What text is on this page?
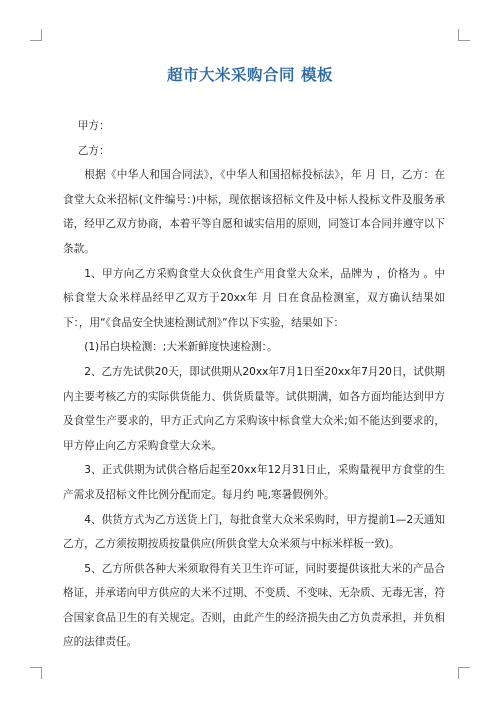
超市大米采购合同 模板

甲方：

乙方：

根据《中华人和国合同法》，《中华人和国招标投标法》，年 月 日，乙方：在食堂大众米招标(文件编号：)中标，现依据该招标文件及中标人投标文件及服务承诺，经甲乙双方协商，本着平等自愿和诚实信用的原则，同签订本合同并遵守以下条款。

1、甲方向乙方采购食堂大众伙食生产用食堂大众米，品牌为 ，价格为 。中标食堂大众米样品经甲乙双方于20xx年 月 日在食品检测室，双方确认结果如下：，用“《食品安全快速检测试剂》”作以下实验，结果如下：

(1)吊白块检测：;大米新鲜度快速检测：。

2、乙方先试供20天，即试供期从20xx年7月1日至20xx年7月20日，试供期内主要考核乙方的实际供货能力、供货质量等。试供期满，如各方面均能达到甲方及食堂生产要求的，甲方正式向乙方采购该中标食堂大众米;如不能达到要求的，甲方停止向乙方采购食堂大众米。

3、正式供期为试供合格后起至20xx年12月31日止，采购量视甲方食堂的生产需求及招标文件比例分配而定。每月约 吨,寒暑假例外。

4、供货方式为乙方送货上门，每批食堂大众米采购时，甲方提前1—2天通知乙方，乙方须按期按质按量供应(所供食堂大众米须与中标米样板一致)。

5、乙方所供各种大米须取得有关卫生许可证，同时要提供该批大米的产品合格证，并承诺向甲方供应的大米不过期、不变质、不变味、无杂质、无毒无害，符合国家食品卫生的有关规定。否则，由此产生的经济损失由乙方负责承担，并负相应的法律责任。
